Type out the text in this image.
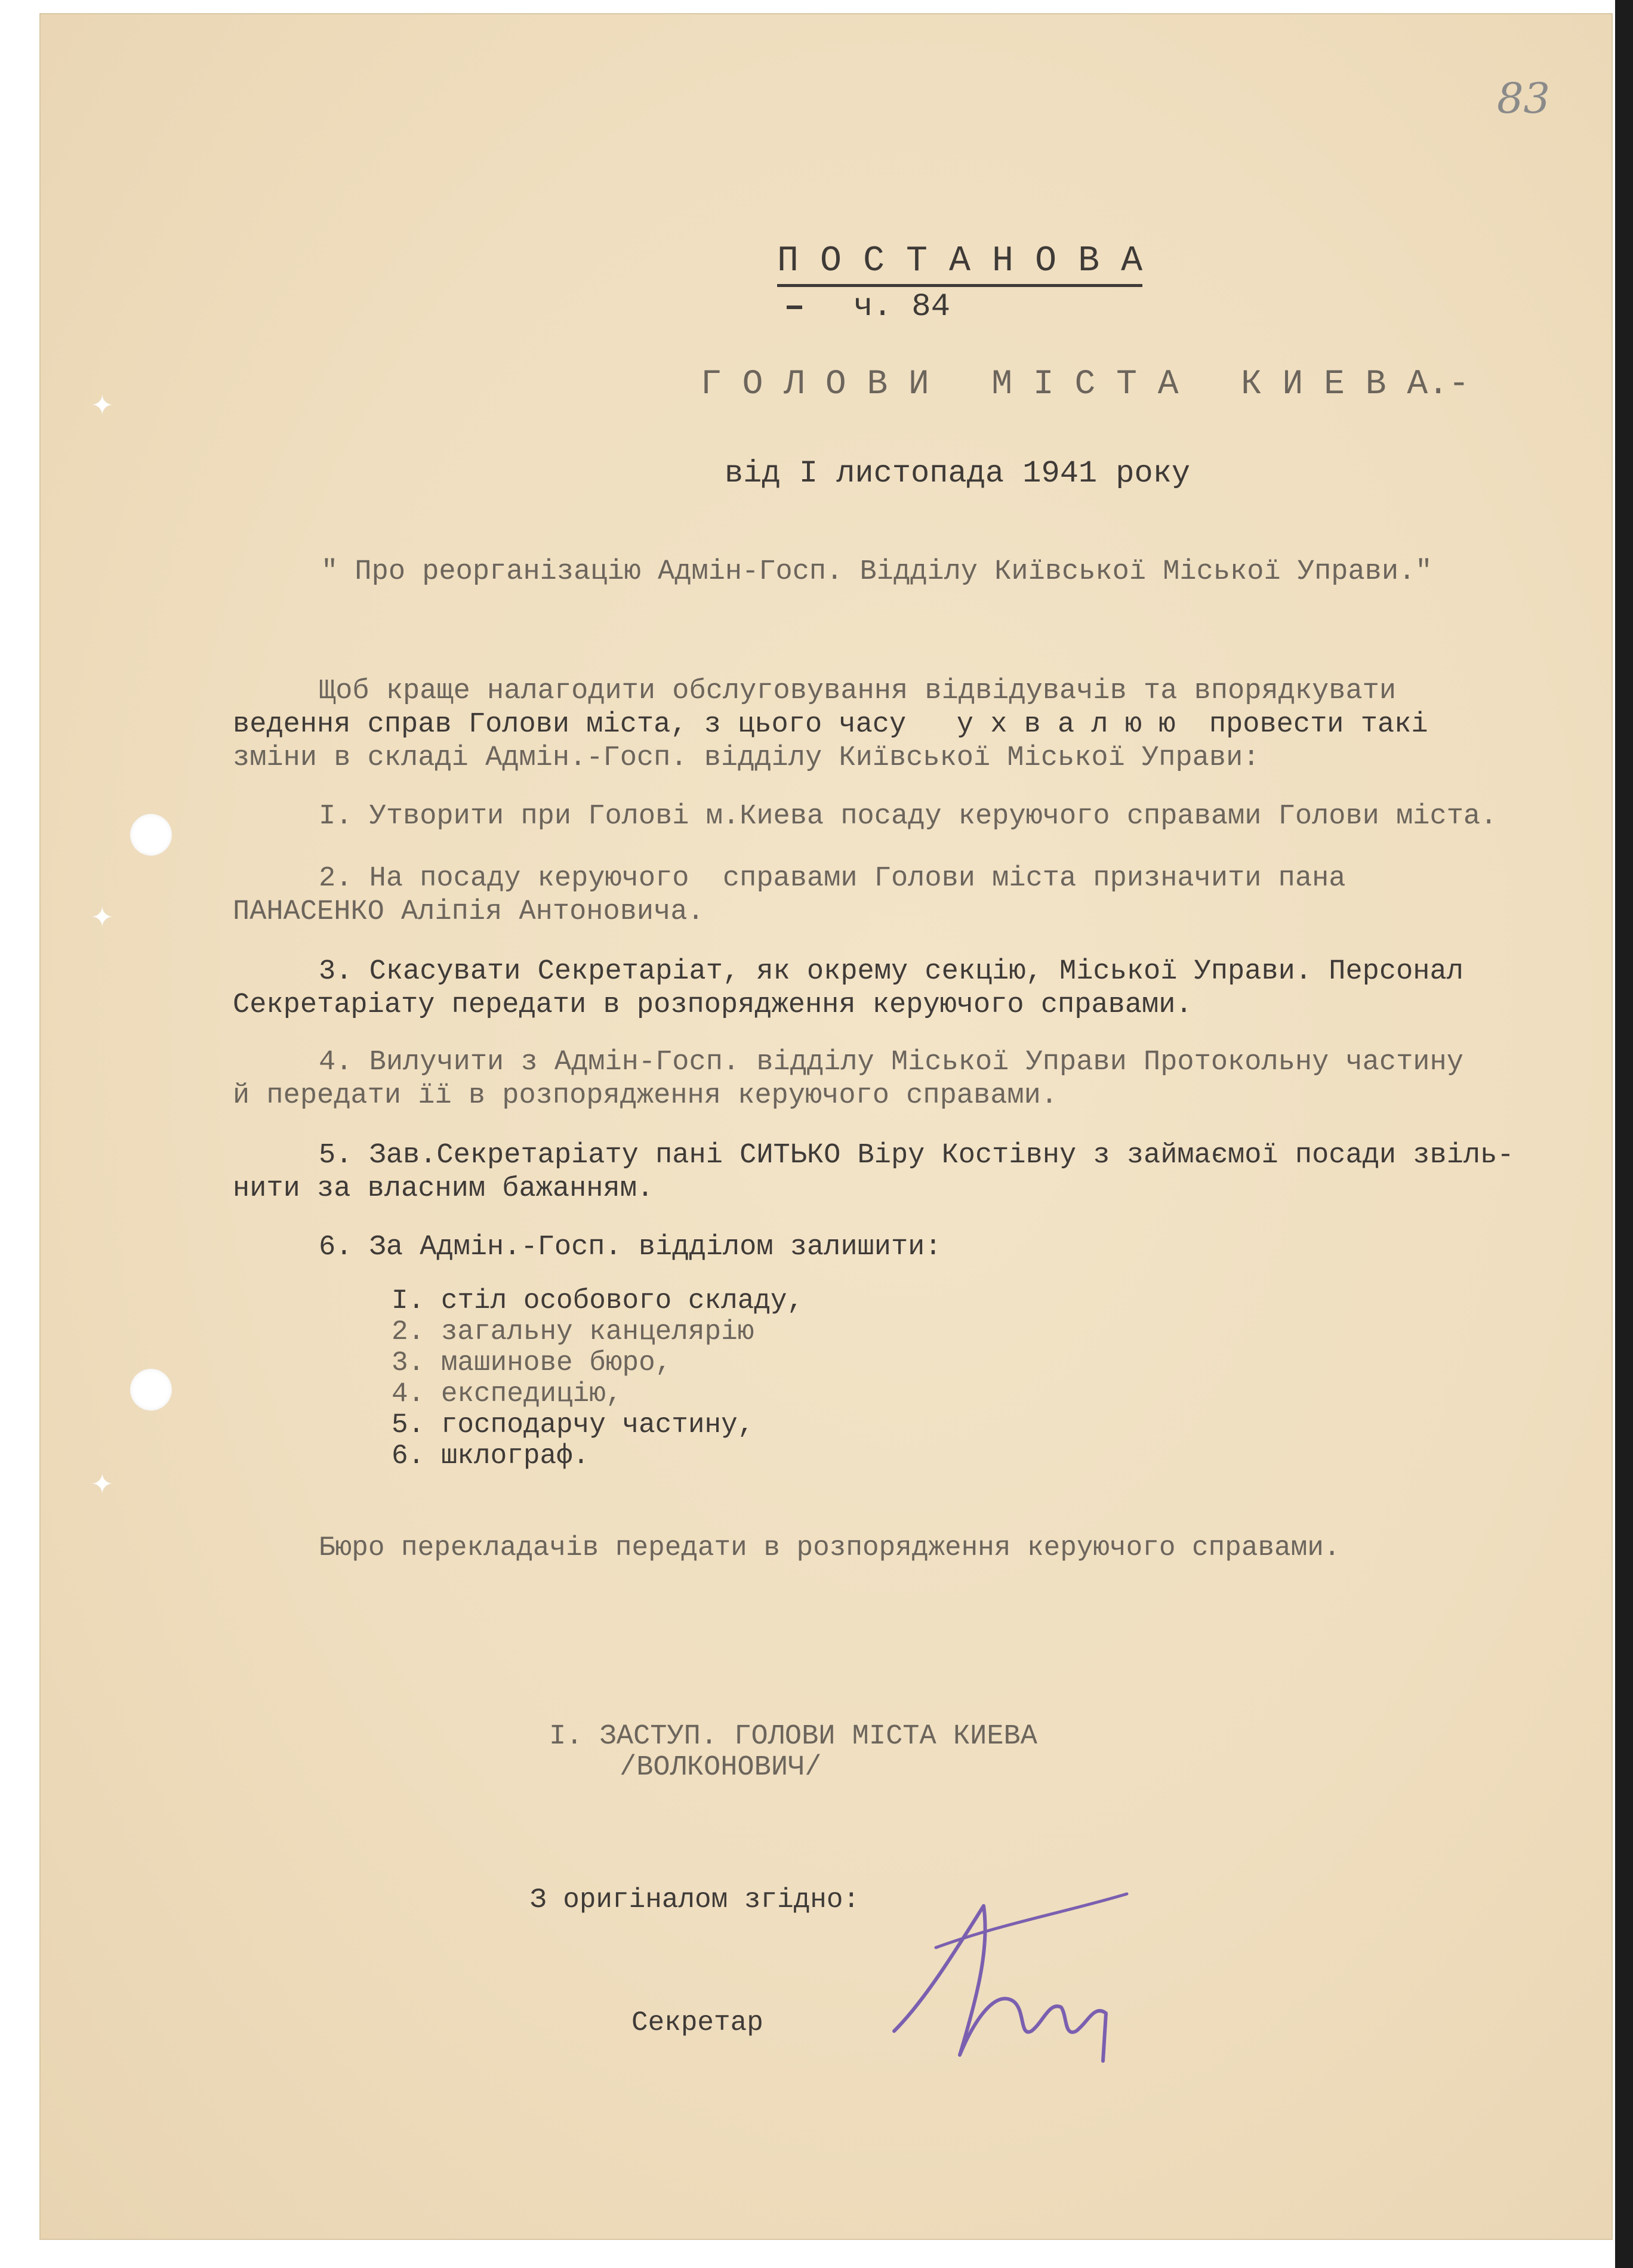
✦
✦
✦
83
П О С Т А Н О В А
ч. 84
Г О Л О В И   М І С Т А   К И Е В А.-
від I листопада 1941 року
" Про реорганізацію Адмін-Госп. Відділу Київської Міської Управи."
Щоб краще налагодити обслуговування відвідувачів та впорядкувати
ведення справ Голови міста, з цього часу   у х в а л ю ю  провести такі
зміни в складі Адмін.-Госп. відділу Київської Міської Управи:
I. Утворити при Голові м.Киева посаду керуючого справами Голови міста.
2. На посаду керуючого  справами Голови міста призначити пана
ПАНАСЕНКО Аліпія Антоновича.
3. Скасувати Секретаріат, як окрему секцію, Міської Управи. Персонал
Секретаріату передати в розпорядження керуючого справами.
4. Вилучити з Адмін-Госп. відділу Міської Управи Протокольну частину
й передати її в розпорядження керуючого справами.
5. Зав.Секретаріату пані СИТЬКО Віру Костівну з займаємої посади звіль-
нити за власним бажанням.
6. За Адмін.-Госп. відділом залишити:
I. стіл особового складу,
2. загальну канцелярію
3. машинове бюро,
4. експедицію,
5. господарчу частину,
6. шклограф.
Бюро перекладачів передати в розпорядження керуючого справами.
I. ЗАСТУП. ГОЛОВИ МІСТА КИЕВА
/ВОЛКОНОВИЧ/
З оригіналом згідно:
Секретар
